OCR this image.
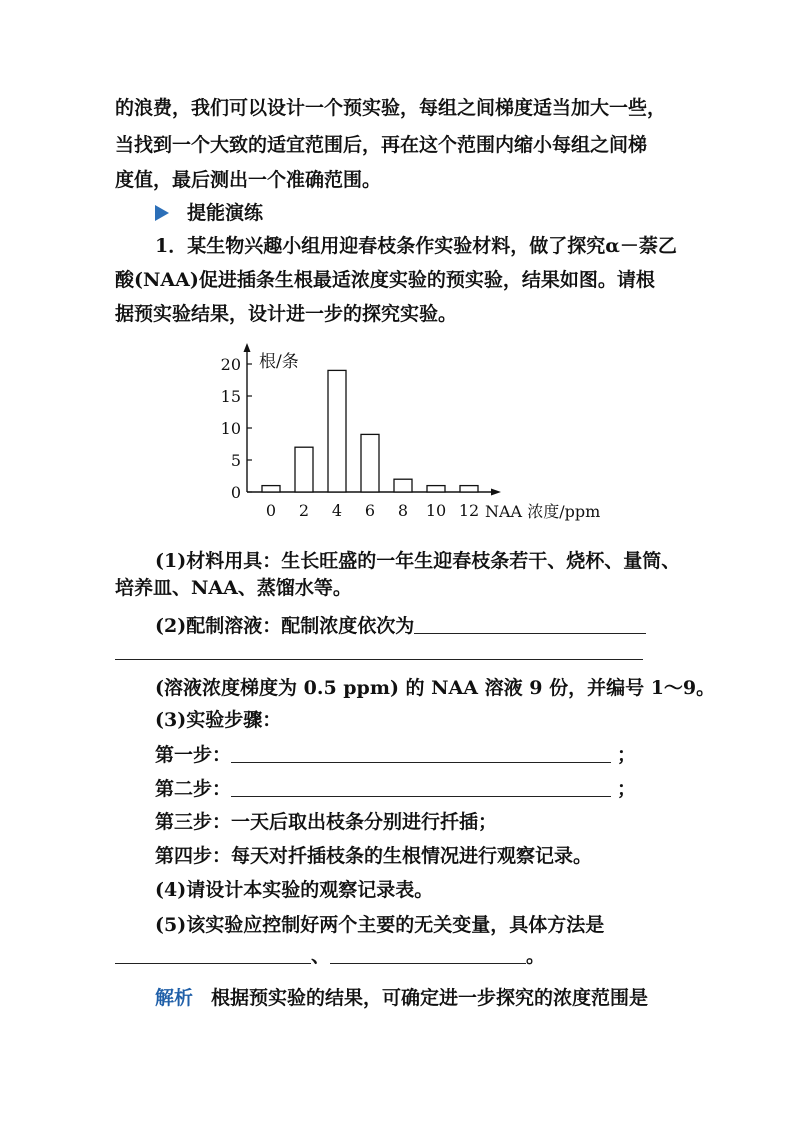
的浪费，我们可以设计一个预实验，每组之间梯度适当加大一些，
当找到一个大致的适宜范围后，再在这个范围内缩小每组之间梯
度值，最后测出一个准确范围。
提能演练
1．某生物兴趣小组用迎春枝条作实验材料，做了探究α－萘乙
酸(NAA)促进插条生根最适浓度实验的预实验，结果如图。请根
据预实验结果，设计进一步的探究实验。
根/条
NAA 浓度/ppm
0
5
10
15
20
0 2 4 6 8 10 12
(1)材料用具：生长旺盛的一年生迎春枝条若干、烧杯、量筒、
培养皿、NAA、蒸馏水等。
(2)配制溶液：配制浓度依次为
(溶液浓度梯度为 0.5 ppm) 的 NAA 溶液 9 份，并编号 1～9。
(3)实验步骤：
第一步：	；
第二步：	；
第三步：一天后取出枝条分别进行扦插；
第四步：每天对扦插枝条的生根情况进行观察记录。
(4)请设计本实验的观察记录表。
(5)该实验应控制好两个主要的无关变量，具体方法是
、	。
解析 根据预实验的结果，可确定进一步探究的浓度范围是
